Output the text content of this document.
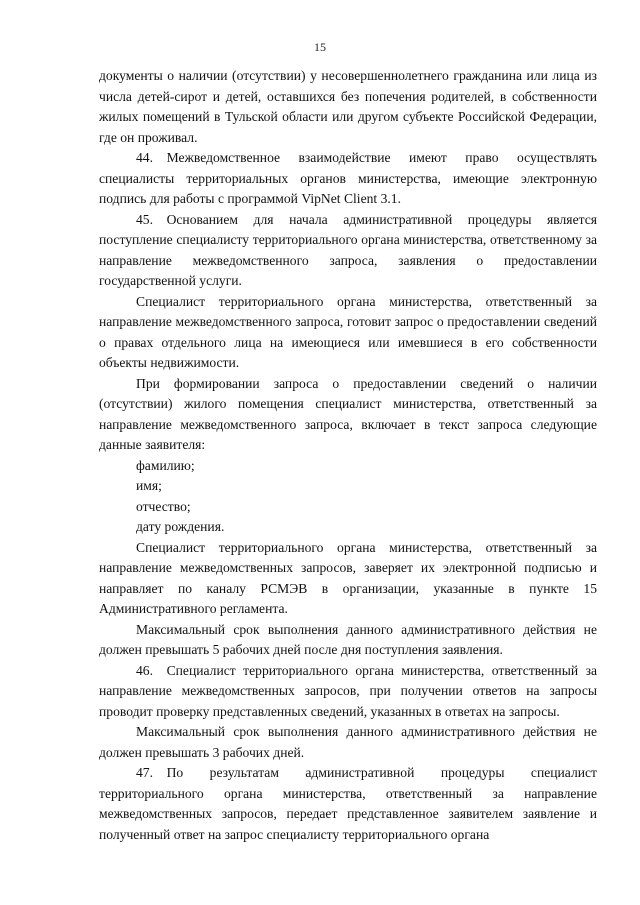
15

документы о наличии (отсутствии) у несовершеннолетнего гражданина или лица из числа детей-сирот и детей, оставшихся без попечения родителей, в собственности жилых помещений в Тульской области или другом субъекте Российской Федерации, где он проживал.

44. Межведомственное взаимодействие имеют право осуществлять специалисты территориальных органов министерства, имеющие электронную подпись для работы с программой VipNet Client 3.1.

45. Основанием для начала административной процедуры является поступление специалисту территориального органа министерства, ответственному за направление межведомственного запроса, заявления о предоставлении государственной услуги.

Специалист территориального органа министерства, ответственный за направление межведомственного запроса, готовит запрос о предоставлении сведений о правах отдельного лица на имеющиеся или имевшиеся в его собственности объекты недвижимости.

При формировании запроса о предоставлении сведений о наличии (отсутствии) жилого помещения специалист министерства, ответственный за направление межведомственного запроса, включает в текст запроса следующие данные заявителя:

фамилию;

имя;

отчество;

дату рождения.

Специалист территориального органа министерства, ответственный за направление межведомственных запросов, заверяет их электронной подписью и направляет по каналу РСМЭВ в организации, указанные в пункте 15 Административного регламента.

Максимальный срок выполнения данного административного действия не должен превышать 5 рабочих дней после дня поступления заявления.

46. Специалист территориального органа министерства, ответственный за направление межведомственных запросов, при получении ответов на запросы проводит проверку представленных сведений, указанных в ответах на запросы.

Максимальный срок выполнения данного административного действия не должен превышать 3 рабочих дней.

47. По результатам административной процедуры специалист территориального органа министерства, ответственный за направление межведомственных запросов, передает представленное заявителем заявление и полученный ответ на запрос специалисту территориального органа
